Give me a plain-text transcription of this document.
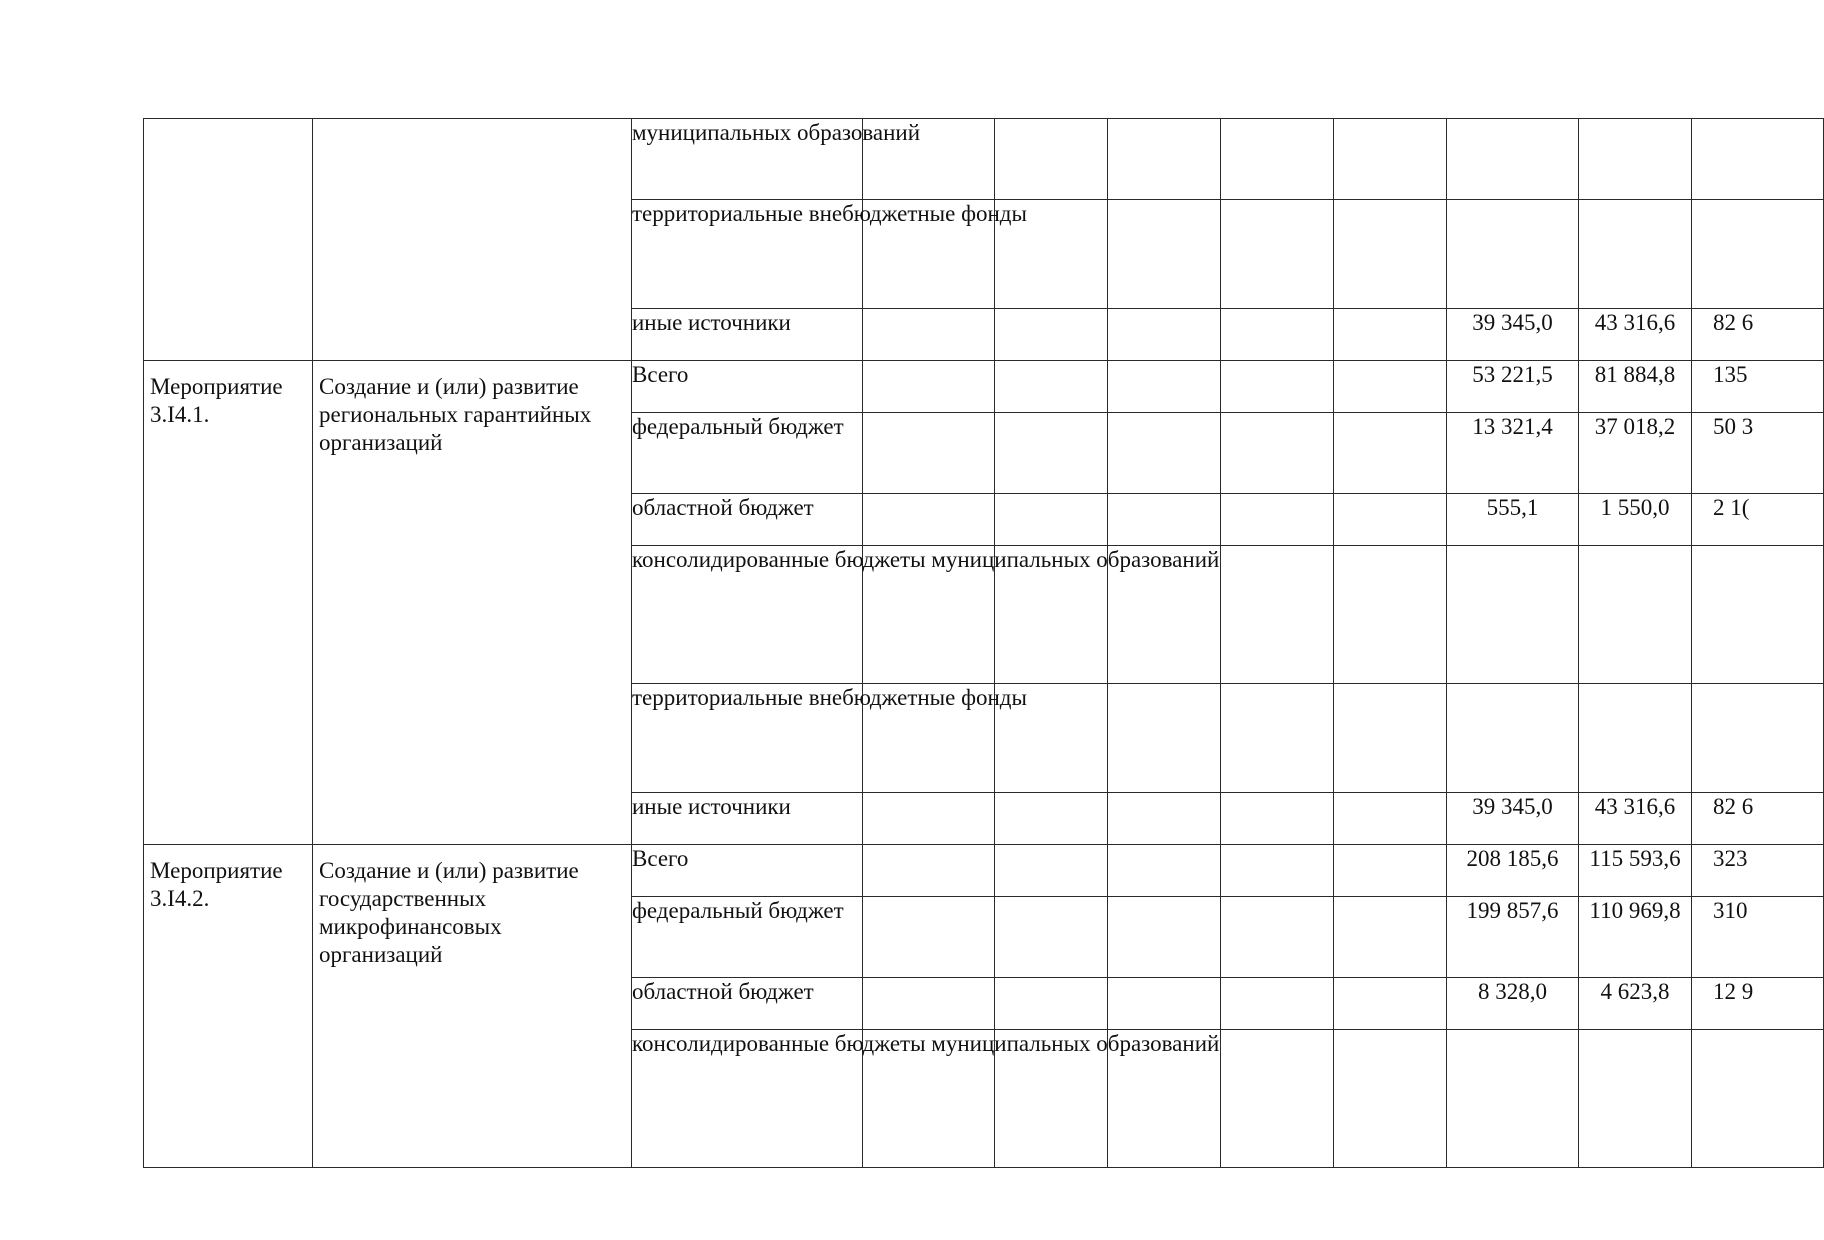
		муниципальных образований								
		территориальные внебюджетные фонды								
		иные источники						39 345,0	43 316,6	82 6

Мероприятие 3.I4.1.	Создание и (или) развитие региональных гарантийных организаций	Всего						53 221,5	81 884,8	135
		федеральный бюджет						13 321,4	37 018,2	50 3
		областной бюджет						555,1	1 550,0	2 1(
		консолидированные бюджеты муниципальных образований								
		территориальные внебюджетные фонды								
		иные источники						39 345,0	43 316,6	82 6

Мероприятие 3.I4.2.	Создание и (или) развитие государственных микрофинансовых организаций	Всего						208 185,6	115 593,6	323
		федеральный бюджет						199 857,6	110 969,8	310
		областной бюджет						8 328,0	4 623,8	12 9
		консолидированные бюджеты муниципальных образований								
